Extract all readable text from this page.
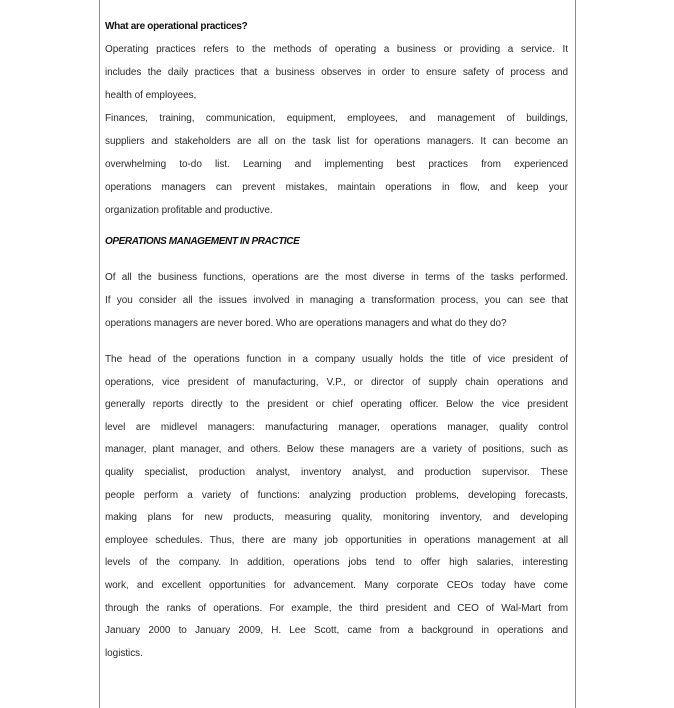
What are operational practices?
Operating practices refers to the methods of operating a business or providing a service. It
includes the daily practices that a business observes in order to ensure safety of process and
health of employees,
Finances, training, communication, equipment, employees, and management of buildings,
suppliers and stakeholders are all on the task list for operations managers. It can become an
overwhelming to-do list. Learning and implementing best practices from experienced
operations managers can prevent mistakes, maintain operations in flow, and keep your
organization profitable and productive.
OPERATIONS MANAGEMENT IN PRACTICE
Of all the business functions, operations are the most diverse in terms of the tasks performed.
If you consider all the issues involved in managing a transformation process, you can see that
operations managers are never bored. Who are operations managers and what do they do?
The head of the operations function in a company usually holds the title of vice president of
operations, vice president of manufacturing, V.P., or director of supply chain operations and
generally reports directly to the president or chief operating officer. Below the vice president
level are midlevel managers: manufacturing manager, operations manager, quality control
manager, plant manager, and others. Below these managers are a variety of positions, such as
quality specialist, production analyst, inventory analyst, and production supervisor. These
people perform a variety of functions: analyzing production problems, developing forecasts,
making plans for new products, measuring quality, monitoring inventory, and developing
employee schedules. Thus, there are many job opportunities in operations management at all
levels of the company. In addition, operations jobs tend to offer high salaries, interesting
work, and excellent opportunities for advancement. Many corporate CEOs today have come
through the ranks of operations. For example, the third president and CEO of Wal-Mart from
January 2000 to January 2009, H. Lee Scott, came from a background in operations and
logistics.
